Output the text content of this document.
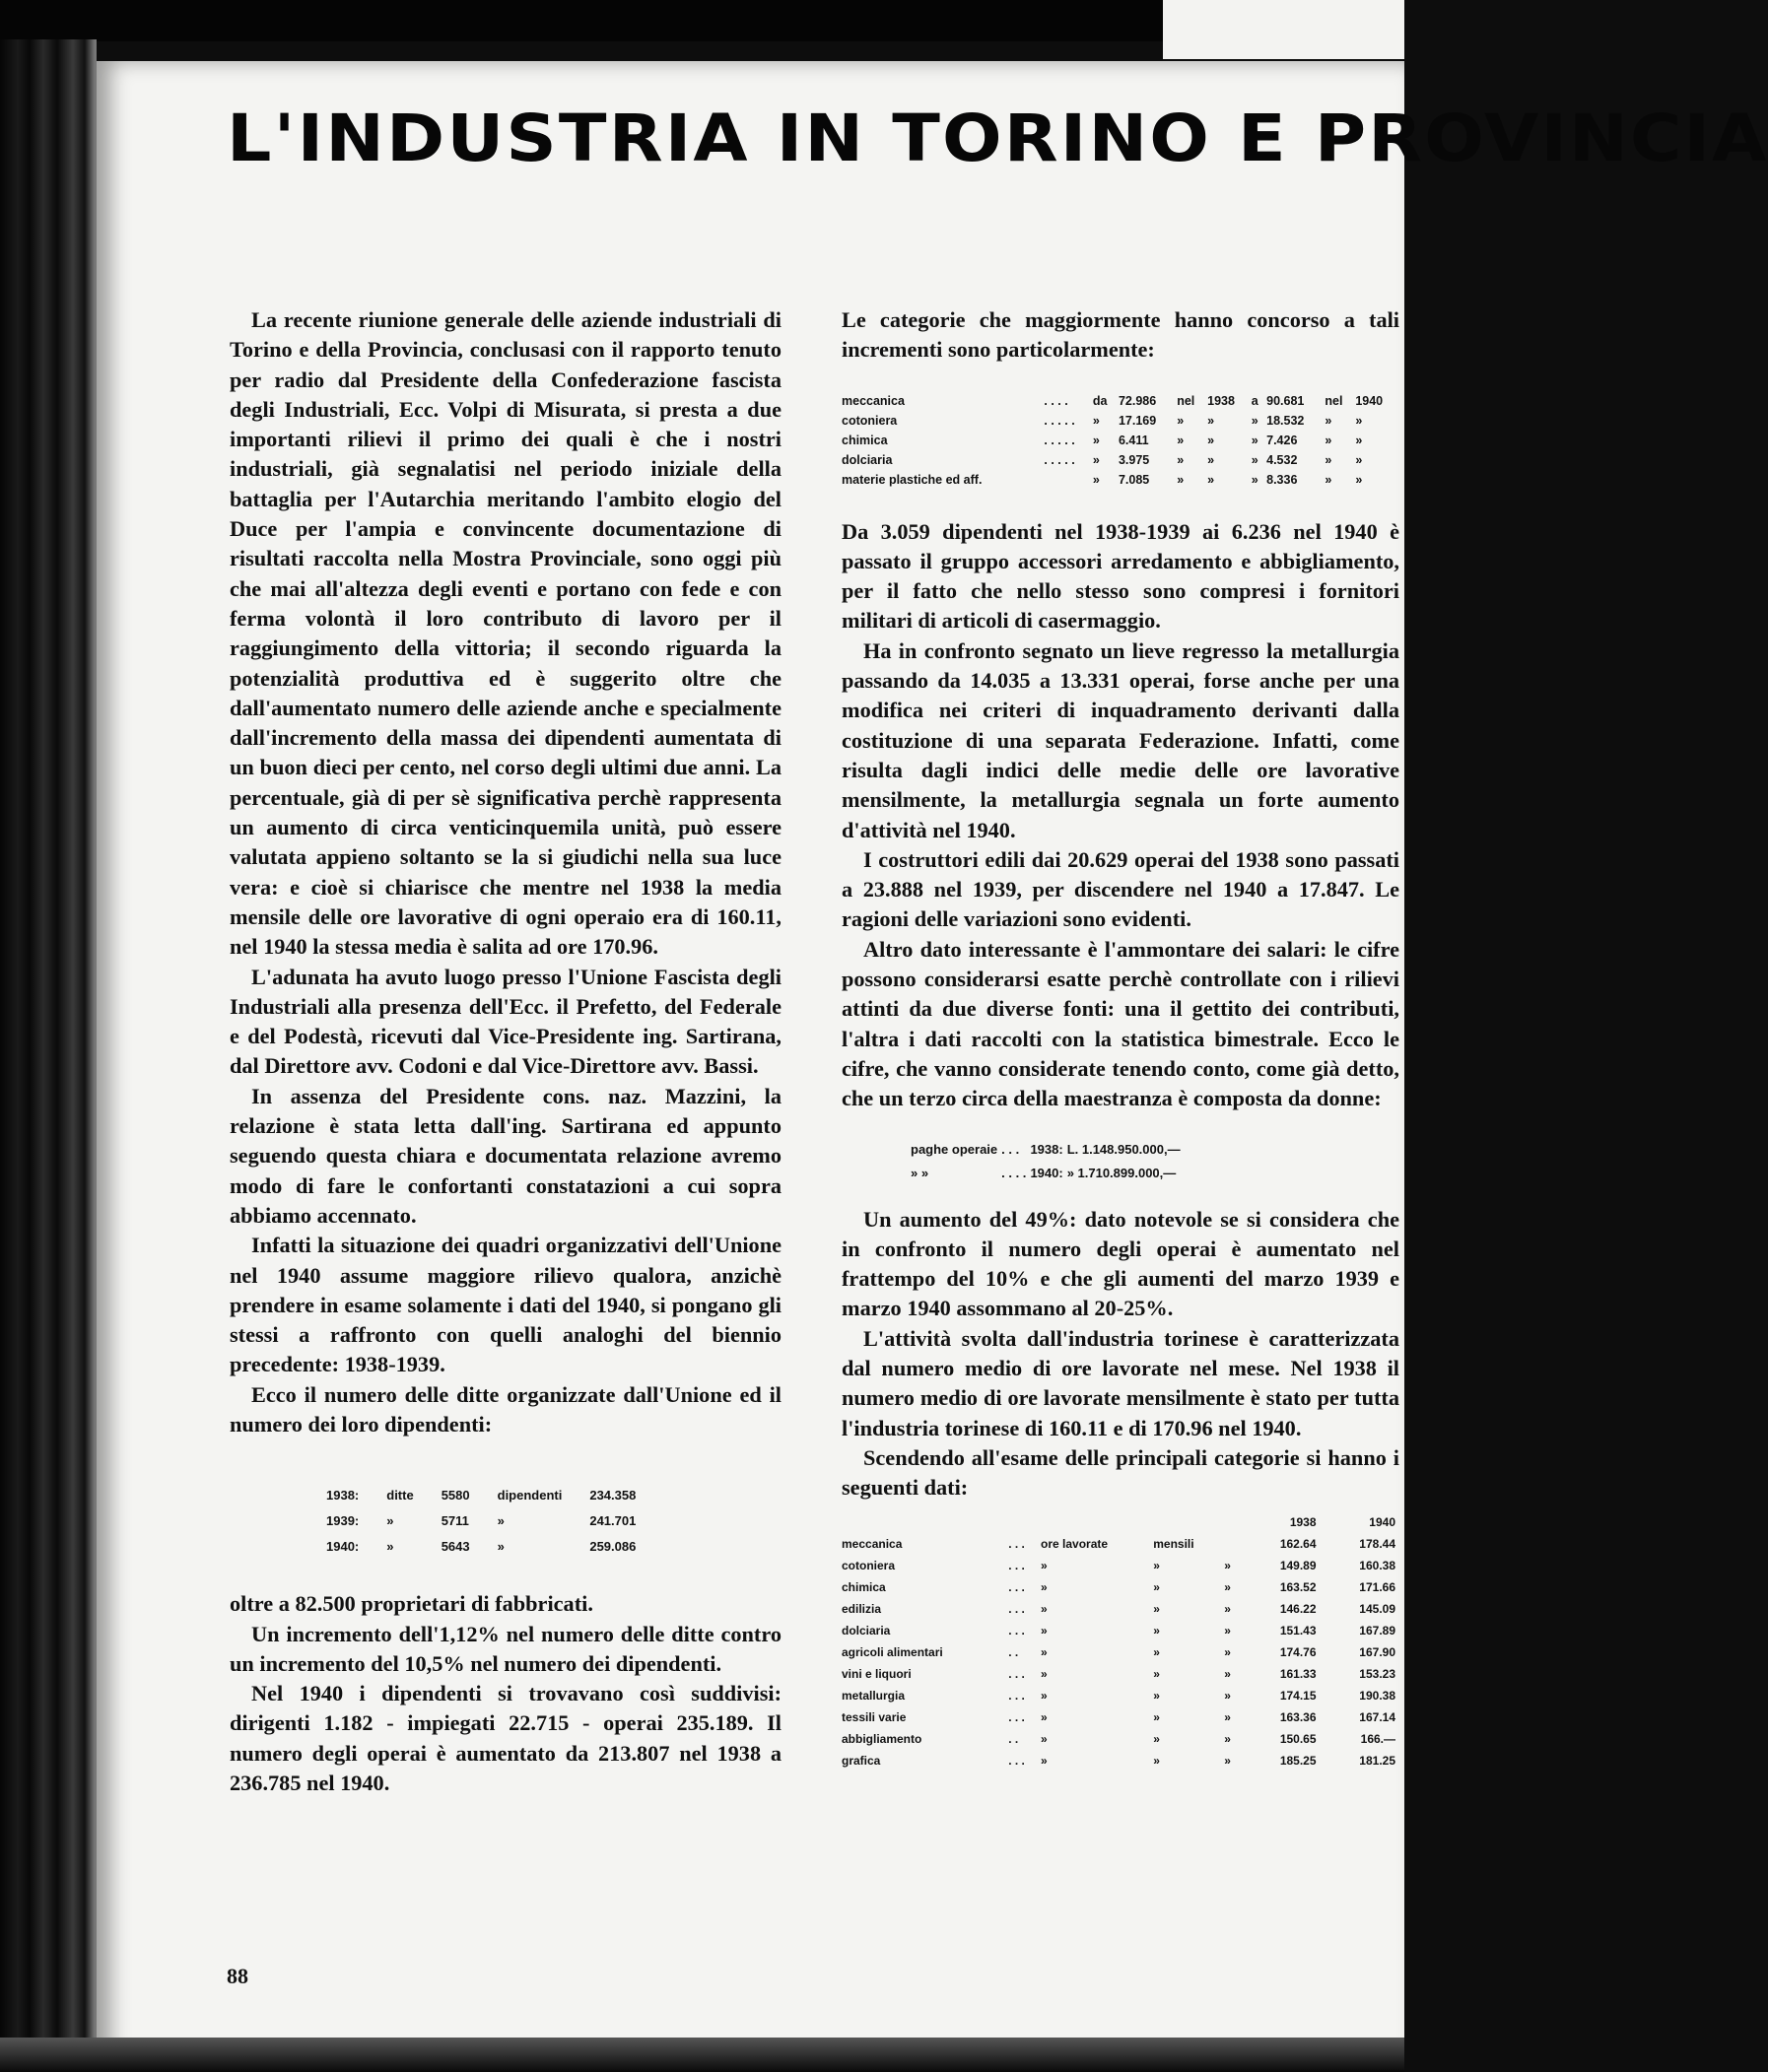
L'INDUSTRIA IN TORINO E PROVINCIA

La recente riunione generale delle aziende industriali di Torino e della Provincia, conclusasi con il rapporto tenuto per radio dal Presidente della Confederazione fascista degli Industriali, Ecc. Volpi di Misurata, si presta a due importanti rilievi il primo dei quali è che i nostri industriali, già segnalatisi nel periodo iniziale della battaglia per l'Autarchia meritando l'ambito elogio del Duce per l'ampia e convincente documentazione di risultati raccolta nella Mostra Provinciale, sono oggi più che mai all'altezza degli eventi e portano con fede e con ferma volontà il loro contributo di lavoro per il raggiungimento della vittoria; il secondo riguarda la potenzialità produttiva ed è suggerito oltre che dall'aumentato numero delle aziende anche e specialmente dall'incremento della massa dei dipendenti aumentata di un buon dieci per cento, nel corso degli ultimi due anni. La percentuale, già di per sè significativa perchè rappresenta un aumento di circa venticinquemila unità, può essere valutata appieno soltanto se la si giudichi nella sua luce vera: e cioè si chiarisce che mentre nel 1938 la media mensile delle ore lavorative di ogni operaio era di 160.11, nel 1940 la stessa media è salita ad ore 170.96.

L'adunata ha avuto luogo presso l'Unione Fascista degli Industriali alla presenza dell'Ecc. il Prefetto, del Federale e del Podestà, ricevuti dal Vice-Presidente ing. Sartirana, dal Direttore avv. Codoni e dal Vice-Direttore avv. Bassi.

In assenza del Presidente cons. naz. Mazzini, la relazione è stata letta dall'ing. Sartirana ed appunto seguendo questa chiara e documentata relazione avremo modo di fare le confortanti constatazioni a cui sopra abbiamo accennato.

Infatti la situazione dei quadri organizzativi dell'Unione nel 1940 assume maggiore rilievo qualora, anzichè prendere in esame solamente i dati del 1940, si pongano gli stessi a raffronto con quelli analoghi del biennio precedente: 1938-1939.

Ecco il numero delle ditte organizzate dall'Unione ed il numero dei loro dipendenti:

1938:	ditte	5580	dipendenti	234.358
1939:	»	5711	»	241.701
1940:	»	5643	»	259.086

oltre a 82.500 proprietari di fabbricati.

Un incremento dell'1,12% nel numero delle ditte contro un incremento del 10,5% nel numero dei dipendenti.

Nel 1940 i dipendenti si trovavano così suddivisi: dirigenti 1.182 - impiegati 22.715 - operai 235.189. Il numero degli operai è aumentato da 213.807 nel 1938 a 236.785 nel 1940.

Le categorie che maggiormente hanno concorso a tali incrementi sono particolarmente:

meccanica	. . . .	da	72.986	nel	1938	a	90.681	nel	1940
cotoniera	. . . . .	»	17.169	»	»	»	18.532	»	»
chimica	. . . . .	»	6.411	»	»	»	7.426	»	»
dolciaria	. . . . .	»	3.975	»	»	»	4.532	»	»
materie plastiche ed aff.		»	7.085	»	»	»	8.336	»	»

Da 3.059 dipendenti nel 1938-1939 ai 6.236 nel 1940 è passato il gruppo accessori arredamento e abbigliamento, per il fatto che nello stesso sono compresi i fornitori militari di articoli di casermaggio.

Ha in confronto segnato un lieve regresso la metallurgia passando da 14.035 a 13.331 operai, forse anche per una modifica nei criteri di inquadramento derivanti dalla costituzione di una separata Federazione. Infatti, come risulta dagli indici delle medie delle ore lavorative mensilmente, la metallurgia segnala un forte aumento d'attività nel 1940.

I costruttori edili dai 20.629 operai del 1938 sono passati a 23.888 nel 1939, per discendere nel 1940 a 17.847. Le ragioni delle variazioni sono evidenti.

Altro dato interessante è l'ammontare dei salari: le cifre possono considerarsi esatte perchè controllate con i rilievi attinti da due diverse fonti: una il gettito dei contributi, l'altra i dati raccolti con la statistica bimestrale. Ecco le cifre, che vanno considerate tenendo conto, come già detto, che un terzo circa della maestranza è composta da donne:

paghe operaie	. . .	1938:	L. 1.148.950.000,—
» »	. . . .	1940:	» 1.710.899.000,—

Un aumento del 49%: dato notevole se si considera che in confronto il numero degli operai è aumentato nel frattempo del 10% e che gli aumenti del marzo 1939 e marzo 1940 assommano al 20-25%.

L'attività svolta dall'industria torinese è caratterizzata dal numero medio di ore lavorate nel mese. Nel 1938 il numero medio di ore lavorate mensilmente è stato per tutta l'industria torinese di 160.11 e di 170.96 nel 1940.

Scendendo all'esame delle principali categorie si hanno i seguenti dati:

					1938	1940
meccanica	. . .	ore lavorate	mensili		162.64	178.44
cotoniera	. . .	»	»	»	149.89	160.38
chimica	. . .	»	»	»	163.52	171.66
edilizia	. . .	»	»	»	146.22	145.09
dolciaria	. . .	»	»	»	151.43	167.89
agricoli alimentari	. .	»	»	»	174.76	167.90
vini e liquori	. . .	»	»	»	161.33	153.23
metallurgia	. . .	»	»	»	174.15	190.38
tessili varie	. . .	»	»	»	163.36	167.14
abbigliamento	. .	»	»	»	150.65	166.—
grafica	. . .	»	»	»	185.25	181.25
88
